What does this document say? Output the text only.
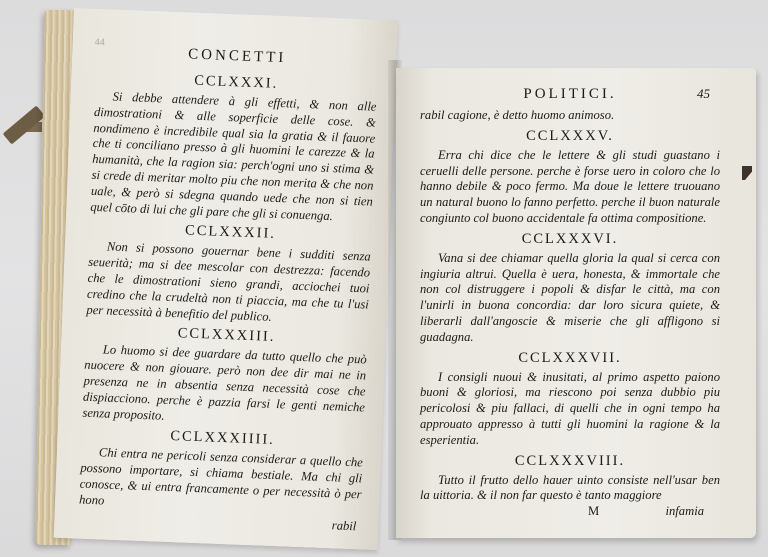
44
CONCETTI
CCLXXXI.

Si debbe attendere à gli effetti, & non alle dimostrationi & alle soperficie delle cose. & nondimeno è incredibile qual sia la gratia & il fauore che ti conciliano presso à gli huomini le carezze & la humanità, che la ragion sia: perch'ogni uno si stima & si crede di meritar molto piu che non merita & che non uale, & però si sdegna quando uede che non si tien quel cōto di lui che gli pare che gli si conuenga.

CCLXXXII.

Non si possono gouernar bene i sudditi senza seuerità; ma si dee mescolar con destrezza: facendo che le dimostrationi sieno grandi, acciochei tuoi credino che la crudeltà non ti piaccia, ma che tu l'usi per necessità à benefitio del publico.

CCLXXXIII.

Lo huomo si dee guardare da tutto quello che può nuocere & non giouare. però non dee dir mai ne in presenza ne in absentia senza necessità cose che dispiacciono. perche è pazzia farsi le genti nemiche senza proposito.

CCLXXXIIII.

Chi entra ne pericoli senza considerar a quello che possono importare, si chiama bestiale. Ma chi gli conosce, & ui entra francamente o per necessità ò per hono

rabil
POLITICI.	45

rabil cagione, è detto huomo animoso.

CCLXXXV.

Erra chi dice che le lettere & gli studi guastano i ceruelli delle persone. perche è forse uero in coloro che lo hanno debile & poco fermo. Ma doue le lettere truouano un natural buono lo fanno perfetto. perche il buon naturale congiunto col buono accidentale fa ottima compositione.

CCLXXXVI.

Vana si dee chiamar quella gloria la qual si cerca con ingiuria altrui. Quella è uera, honesta, & immortale che non col distruggere i popoli & disfar le città, ma con l'unirli in buona concordia: dar loro sicura quiete, & liberarli dall'angoscie & miserie che gli affligono si guadagna.

CCLXXXVII.

I consigli nuoui & inusitati, al primo aspetto paiono buoni & gloriosi, ma riescono poi senza dubbio piu pericolosi & piu fallaci, di quelli che in ogni tempo ha approuato appresso à tutti gli huomini la ragione & la esperientia.

CCLXXXVIII.

Tutto il frutto dello hauer uinto consiste nell'usar ben la uittoria. & il non far questo è tanto maggiore

M	infamia
